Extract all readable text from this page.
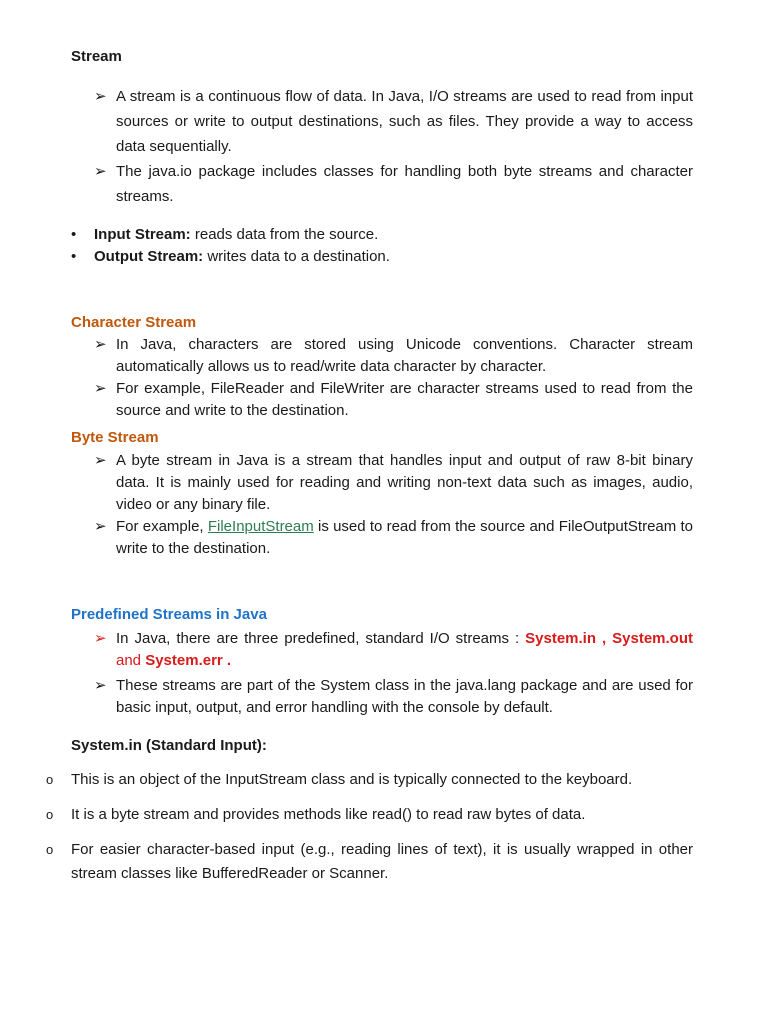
Stream
➢ A stream is a continuous flow of data. In Java, I/O streams are used to read from input sources or write to output destinations, such as files. They provide a way to access data sequentially.
➢ The java.io package includes classes for handling both byte streams and character streams.
• Input Stream: reads data from the source.
• Output Stream: writes data to a destination.
Character Stream
➢ In Java, characters are stored using Unicode conventions. Character stream automatically allows us to read/write data character by character.
➢ For example, FileReader and FileWriter are character streams used to read from the source and write to the destination.
Byte Stream
➢ A byte stream in Java is a stream that handles input and output of raw 8-bit binary data. It is mainly used for reading and writing non-text data such as images, audio, video or any binary file.
➢ For example, FileInputStream is used to read from the source and FileOutputStream to write to the destination.
Predefined Streams in Java
➢ In Java, there are three predefined, standard I/O streams : System.in , System.out and System.err .
➢ These streams are part of the System class in the java.lang package and are used for basic input, output, and error handling with the console by default.
System.in (Standard Input):
o This is an object of the InputStream class and is typically connected to the keyboard.
o It is a byte stream and provides methods like read() to read raw bytes of data.
o For easier character-based input (e.g., reading lines of text), it is usually wrapped in other stream classes like BufferedReader or Scanner.
